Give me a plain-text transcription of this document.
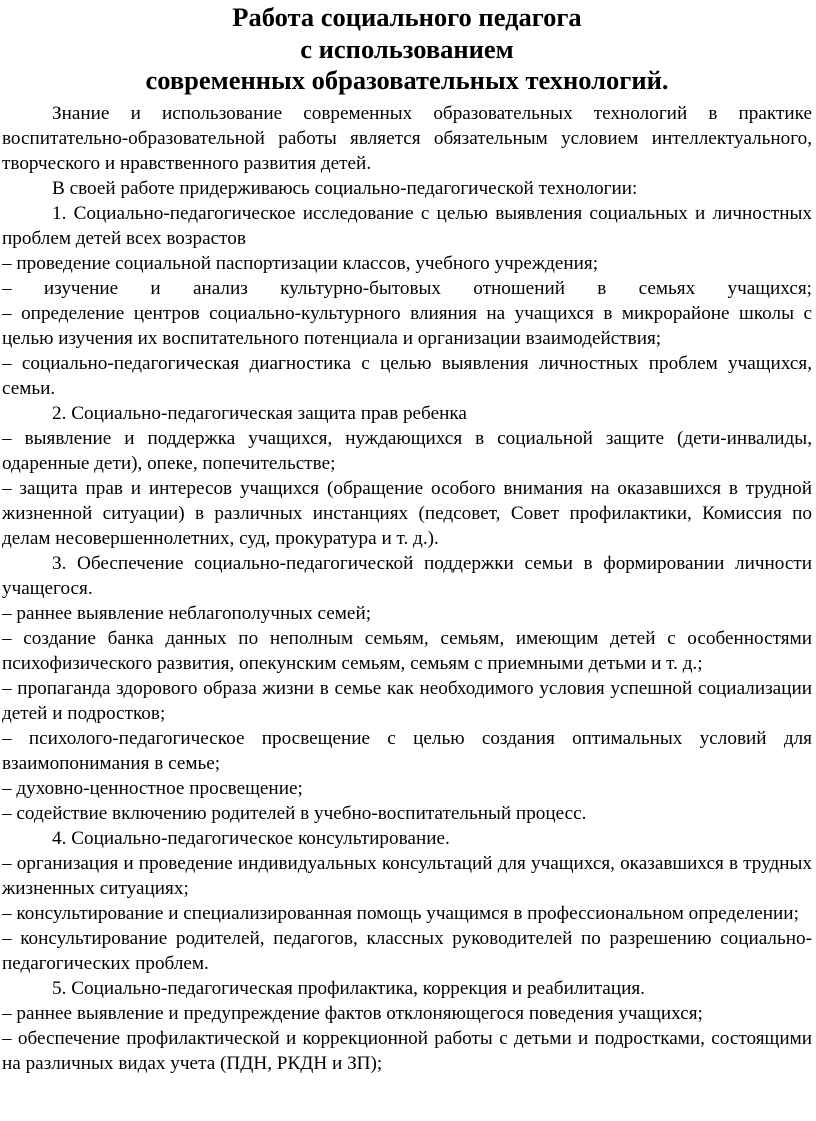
Работа социального педагога
с использованием
современных образовательных технологий.

Знание и использование современных образовательных технологий в практике воспитательно-образовательной работы является обязательным условием интеллектуального, творческого и нравственного развития детей.

В своей работе придерживаюсь социально-педагогической технологии:

1. Социально-педагогическое исследование с целью выявления социальных и личностных проблем детей всех возрастов

– проведение социальной паспортизации классов, учебного учреждения;

– изучение и анализ культурно-бытовых отношений в семьях учащихся;

– определение центров социально-культурного влияния на учащихся в микрорайоне школы с целью изучения их воспитательного потенциала и организации взаимодействия;

– социально-педагогическая диагностика с целью выявления личностных проблем учащихся, семьи.

2. Социально-педагогическая защита прав ребенка

– выявление и поддержка учащихся, нуждающихся в социальной защите (дети-инвалиды, одаренные дети), опеке, попечительстве;

– защита прав и интересов учащихся (обращение особого внимания на оказавшихся в трудной жизненной ситуации) в различных инстанциях (педсовет, Совет профилактики, Комиссия по делам несовершеннолетних, суд, прокуратура и т. д.).

3. Обеспечение социально-педагогической поддержки семьи в формировании личности учащегося.

– раннее выявление неблагополучных семей;

– создание банка данных по неполным семьям, семьям, имеющим детей с особенностями психофизического развития, опекунским семьям, семьям с приемными детьми и т. д.;

– пропаганда здорового образа жизни в семье как необходимого условия успешной социализации детей и подростков;

– психолого-педагогическое просвещение с целью создания оптимальных условий для взаимопонимания в семье;

– духовно-ценностное просвещение;

– содействие включению родителей в учебно-воспитательный процесс.

4. Социально-педагогическое консультирование.

– организация и проведение индивидуальных консультаций для учащихся, оказавшихся в трудных жизненных ситуациях;

– консультирование и специализированная помощь учащимся в профессиональном определении;

– консультирование родителей, педагогов, классных руководителей по разрешению социально-педагогических проблем.

5. Социально-педагогическая профилактика, коррекция и реабилитация.

– раннее выявление и предупреждение фактов отклоняющегося поведения учащихся;

– обеспечение профилактической и коррекционной работы с детьми и подростками, состоящими на различных видах учета (ПДН, РКДН и ЗП);
